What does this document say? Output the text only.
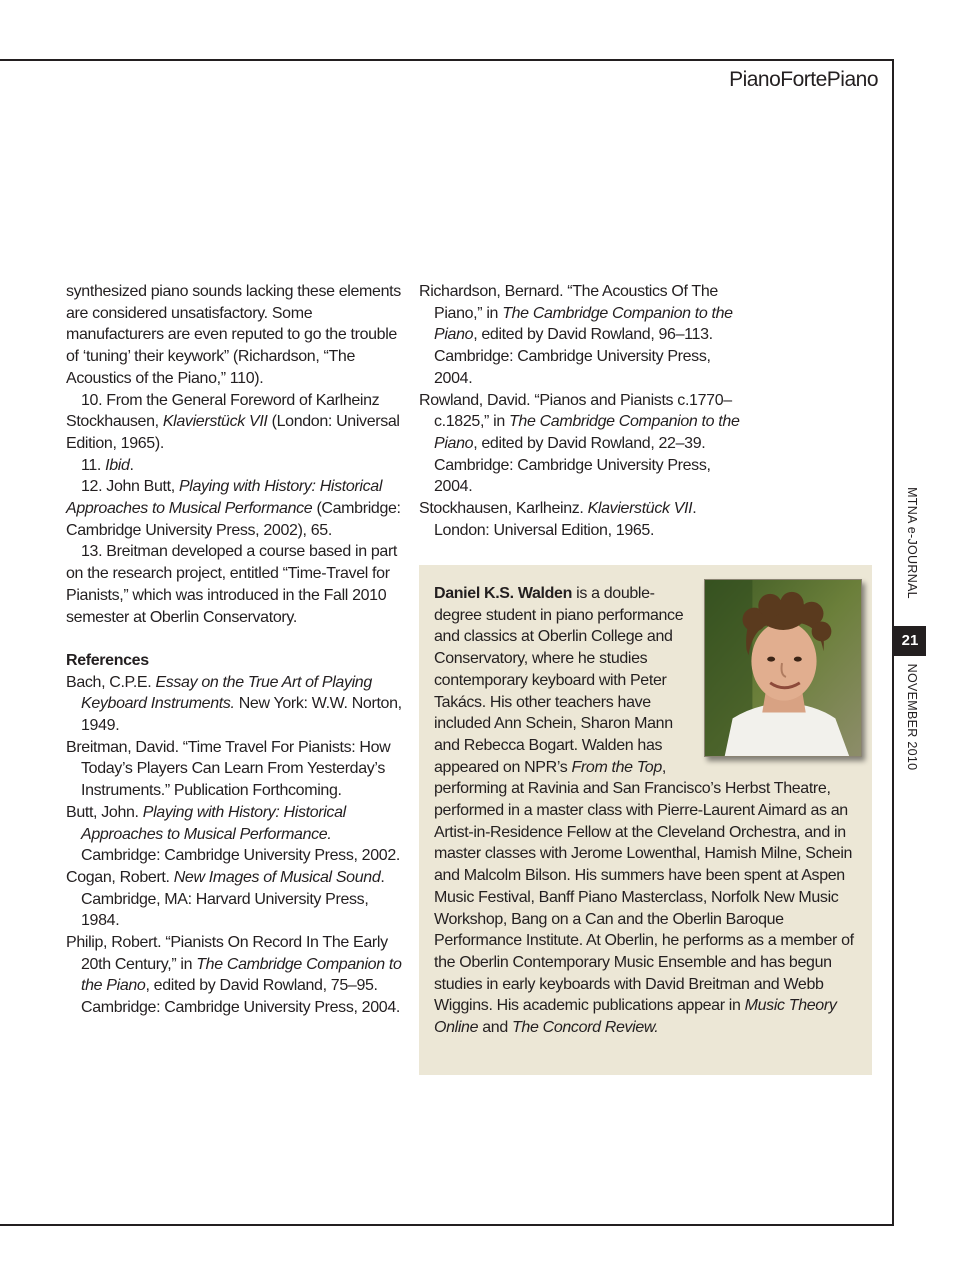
PianoFortePiano
MTNA e-JOURNAL
21
NOVEMBER 2010

synthesized piano sounds lacking these elements are considered unsatisfactory. Some manufacturers are even reputed to go the trouble of ‘tuning’ their keywork” (Richardson, “The Acoustics of the Piano,” 110).

10. From the General Foreword of Karlheinz Stockhausen, Klavierstück VII (London: Universal Edition, 1965).

11. Ibid.

12. John Butt, Playing with History: Historical Approaches to Musical Performance (Cambridge: Cambridge University Press, 2002), 65.

13. Breitman developed a course based in part on the research project, entitled “Time-Travel for Pianists,” which was introduced in the Fall 2010 semester at Oberlin Conservatory.

References

Bach, C.P.E. Essay on the True Art of Playing Keyboard Instruments. New York: W.W. Norton, 1949.

Breitman, David. “Time Travel For Pianists: How Today’s Players Can Learn From Yesterday’s Instruments.” Publication Forthcoming.

Butt, John. Playing with History: Historical Approaches to Musical Performance. Cambridge: Cambridge University Press, 2002.

Cogan, Robert. New Images of Musical Sound. Cambridge, MA: Harvard University Press, 1984.

Philip, Robert. “Pianists On Record In The Early 20th Century,” in The Cambridge Companion to the Piano, edited by David Rowland, 75–95. Cambridge: Cambridge University Press, 2004.

Richardson, Bernard. “The Acoustics Of The Piano,” in The Cambridge Companion to the Piano, edited by David Rowland, 96–113. Cambridge: Cambridge University Press, 2004.

Rowland, David. “Pianos and Pianists c.1770–c.1825,” in The Cambridge Companion to the Piano, edited by David Rowland, 22–39. Cambridge: Cambridge University Press, 2004.

Stockhausen, Karlheinz. Klavierstück VII. London: Universal Edition, 1965.

Daniel K.S. Walden is a double-degree student in piano performance and classics at Oberlin College and Conservatory, where he studies contemporary keyboard with Peter Takács. His other teachers have included Ann Schein, Sharon Mann and Rebecca Bogart. Walden has appeared on NPR’s From the Top, performing at Ravinia and San Francisco’s Herbst Theatre, performed in a master class with Pierre-Laurent Aimard as an Artist-in-Residence Fellow at the Cleveland Orchestra, and in master classes with Jerome Lowenthal, Hamish Milne, Schein and Malcolm Bilson. His summers have been spent at Aspen Music Festival, Banff Piano Masterclass, Norfolk New Music Workshop, Bang on a Can and the Oberlin Baroque Performance Institute. At Oberlin, he performs as a member of the Oberlin Contemporary Music Ensemble and has begun studies in early keyboards with David Breitman and Webb Wiggins. His academic publications appear in Music Theory Online and The Concord Review.
